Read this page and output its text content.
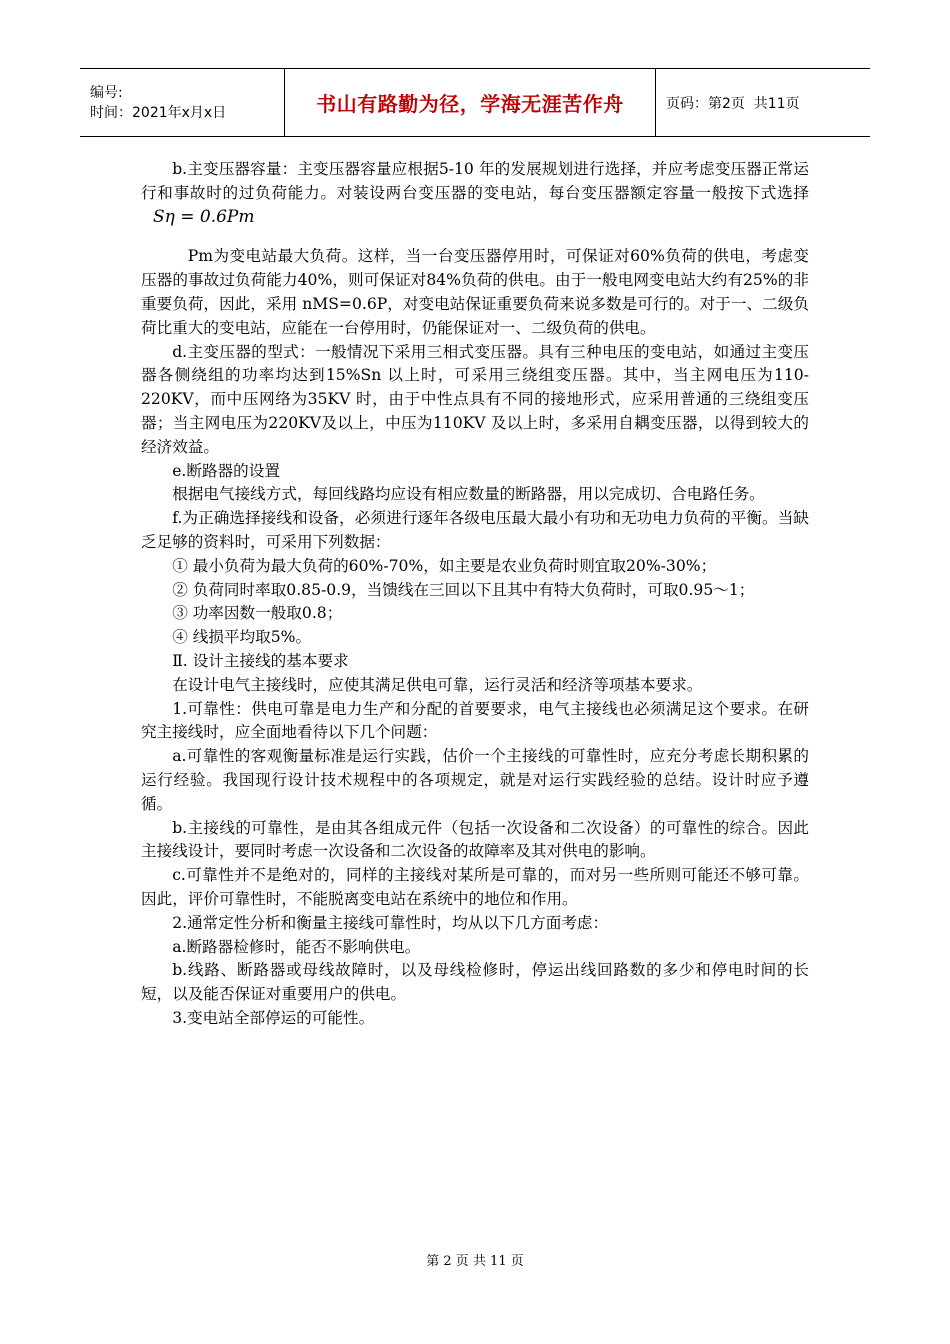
编号:
时间：2021年x月x日	书山有路勤为径，学海无涯苦作舟	页码：第2页  共11页

b.主变压器容量：主变压器容量应根据5-10 年的发展规划进行选择，并应考虑变压器正常运行和事故时的过负荷能力。对装设两台变压器的变电站，每台变压器额定容量一般按下式选择Sη = 0.6Pm

Pm为变电站最大负荷。这样，当一台变压器停用时，可保证对60%负荷的供电，考虑变压器的事故过负荷能力40%，则可保证对84%负荷的供电。由于一般电网变电站大约有25%的非重要负荷，因此，采用 nMS=0.6P，对变电站保证重要负荷来说多数是可行的。对于一、二级负荷比重大的变电站，应能在一台停用时，仍能保证对一、二级负荷的供电。

d.主变压器的型式：一般情况下采用三相式变压器。具有三种电压的变电站，如通过主变压器各侧绕组的功率均达到15%Sn 以上时，可采用三绕组变压器。其中，当主网电压为110-220KV，而中压网络为35KV 时，由于中性点具有不同的接地形式，应采用普通的三绕组变压器；当主网电压为220KV及以上，中压为110KV 及以上时，多采用自耦变压器，以得到较大的经济效益。

e.断路器的设置

根据电气接线方式，每回线路均应设有相应数量的断路器，用以完成切、合电路任务。

f.为正确选择接线和设备，必须进行逐年各级电压最大最小有功和无功电力负荷的平衡。当缺乏足够的资料时，可采用下列数据：

① 最小负荷为最大负荷的60%-70%，如主要是农业负荷时则宜取20%-30%；

② 负荷同时率取0.85-0.9，当馈线在三回以下且其中有特大负荷时，可取0.95～1；

③ 功率因数一般取0.8；

④ 线损平均取5%。

Ⅱ. 设计主接线的基本要求

在设计电气主接线时，应使其满足供电可靠，运行灵活和经济等项基本要求。

1.可靠性：供电可靠是电力生产和分配的首要要求，电气主接线也必须满足这个要求。在研究主接线时，应全面地看待以下几个问题：

a.可靠性的客观衡量标准是运行实践，估价一个主接线的可靠性时，应充分考虑长期积累的运行经验。我国现行设计技术规程中的各项规定，就是对运行实践经验的总结。设计时应予遵循。

b.主接线的可靠性，是由其各组成元件（包括一次设备和二次设备）的可靠性的综合。因此主接线设计，要同时考虑一次设备和二次设备的故障率及其对供电的影响。

c.可靠性并不是绝对的，同样的主接线对某所是可靠的，而对另一些所则可能还不够可靠。因此，评价可靠性时，不能脱离变电站在系统中的地位和作用。

2.通常定性分析和衡量主接线可靠性时，均从以下几方面考虑：

a.断路器检修时，能否不影响供电。

b.线路、断路器或母线故障时，以及母线检修时，停运出线回路数的多少和停电时间的长短，以及能否保证对重要用户的供电。

3.变电站全部停运的可能性。

第 2 页 共 11 页
